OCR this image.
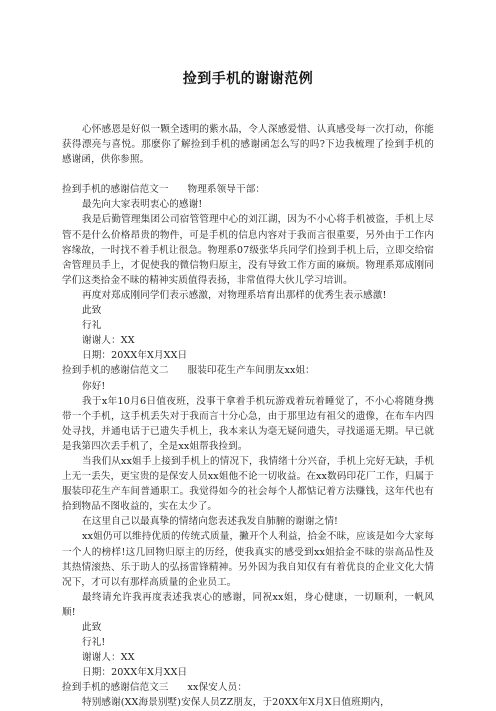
捡到手机的谢谢范例

心怀感恩是好似一颗全透明的紫水晶，令人深感爱惜、认真感受每一次打动，你能获得漂亮与喜悦。那麽你了解捡到手机的感谢函怎么写的吗?下边我梳理了捡到手机的感谢函，供你参照。

捡到手机的感谢信范文一      物理系领导干部：

最先向大家表明衷心的感谢!

我是后勤管理集团公司宿管管理中心的刘江湖，因为不小心将手机被盗，手机上尽管不是什么价格昂贵的物件，可是手机的信息内容对于我而言很重要，另外由于工作内容缘故，一时找不着手机让很急。物理系07级张华兵同学们捡到手机上后，立即交给宿舍管理员手上，才促使我的微信物归原主，没有导致工作方面的麻烦。物理系郑成刚同学们这类拾金不昧的精神实质值得表扬，非常值得大伙儿学习培训。

再度对郑成刚同学们表示感激，对物理系培育出那样的优秀生表示感激!

此致

行礼

谢谢人：XX

日期：20XX年X月XX日

捡到手机的感谢信范文二      服装印花生产车间朋友xx姐：

你好!

我于x年10月6日值夜班，没事干拿着手机玩游戏着玩着睡觉了，不小心将随身携带一个手机，这手机丢失对于我而言十分心急，由于那里边有祖父的遗像，在布车内四处寻找，并通电话于已遗失手机上，我本来认为毫无疑问遗失，寻找遥遥无期。早已就是我第四次丢手机了，全是xx姐帮我捡到。

当我们从xx姐手上接到手机上的情况下，我情绪十分兴奋，手机上完好无缺，手机上无一丢失，更宝贵的是保安人员xx姐他不论一切收益。在xx数码印花厂工作，归属于服装印花生产车间普通职工。我觉得如今的社会每个人都惦记着方法赚钱，这年代也有拾到物品不图收益的，实在太少了。

在这里自己以最真挚的情绪向您表述我发自肺腑的谢谢之情!

xx姐仍可以维持优质的传统式质量，撇开个人利益，拾金不昧，应该是如今大家每一个人的榜样!这几回物归原主的历经，使我真实的感受到xx姐拾金不昧的崇高品性及其热情滚热、乐于助人的弘扬雷锋精神。另外因为我自知仅有有着优良的企业文化大情况下，才可以有那样高质量的企业员工。

最终请允许我再度表述我衷心的感谢，同祝xx姐，身心健康，一切顺利，一帆风顺!

此致

行礼!

谢谢人：XX

日期：20XX年X月XX日

捡到手机的感谢信范文三      xx保安人员：

特别感谢(XX海景别墅)安保人员ZZ朋友，于20XX年X月X日值班期内，
